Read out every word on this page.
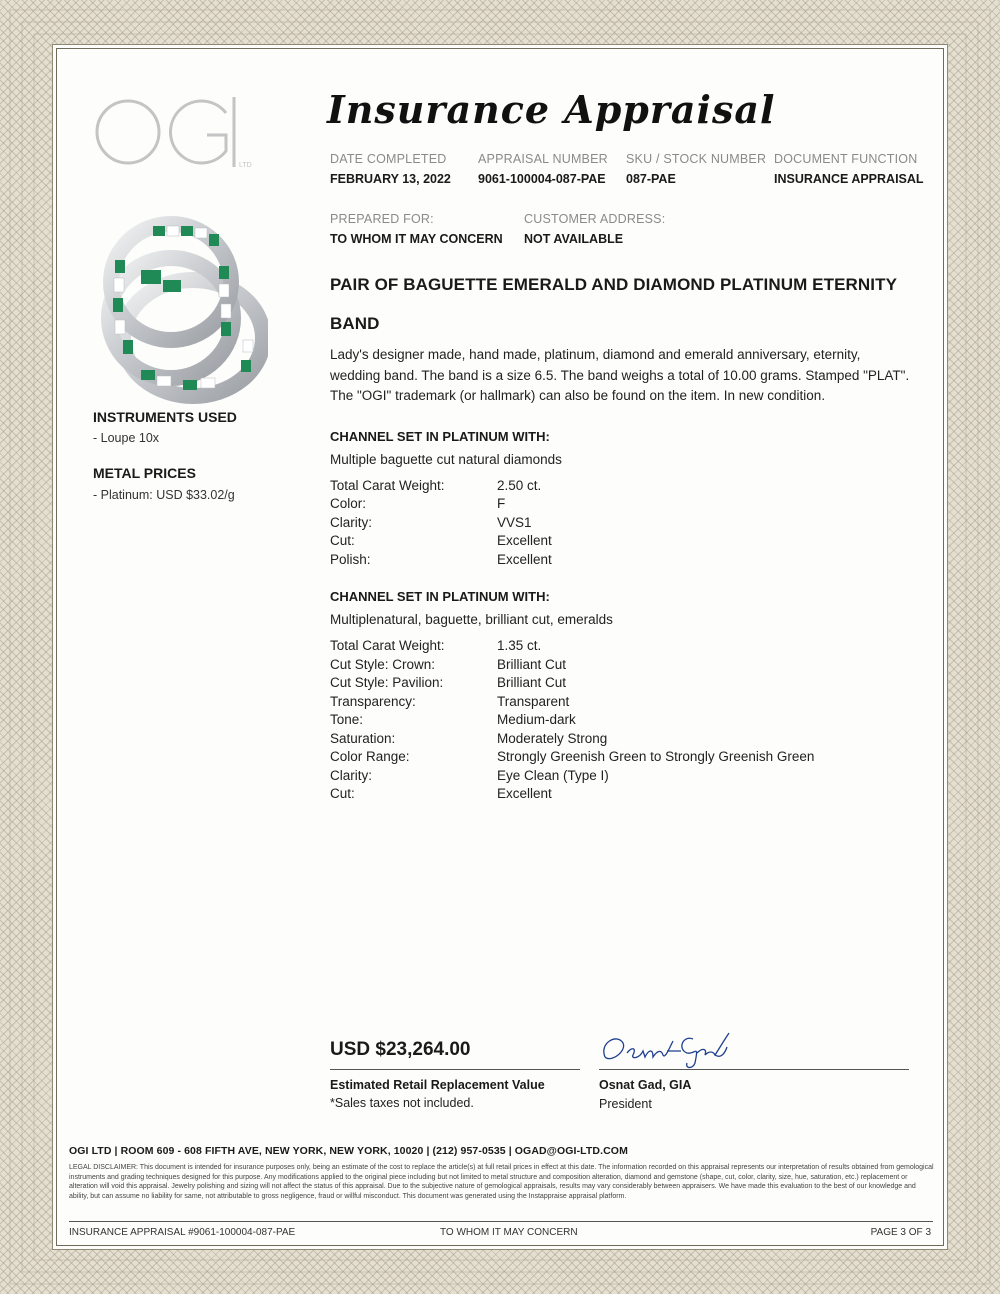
LTD
Insurance Appraisal
DATE COMPLETED
FEBRUARY 13, 2022
APPRAISAL NUMBER
9061-100004-087-PAE
SKU / STOCK NUMBER
087-PAE
DOCUMENT FUNCTION
INSURANCE APPRAISAL
PREPARED FOR:
TO WHOM IT MAY CONCERN
CUSTOMER ADDRESS:
NOT AVAILABLE
INSTRUMENTS USED
- Loupe 10x
METAL PRICES
- Platinum: USD $33.02/g
PAIR OF BAGUETTE EMERALD AND DIAMOND PLATINUM ETERNITY
BAND
Lady's designer made, hand made, platinum, diamond and emerald anniversary, eternity, wedding band. The band is a size 6.5. The band weighs a total of 10.00 grams. Stamped "PLAT". The "OGI" trademark (or hallmark) can also be found on the item. In new condition.
CHANNEL SET IN PLATINUM WITH:
Multiple baguette cut natural diamonds
Total Carat Weight:	2.50 ct.
Color:	F
Clarity:	VVS1
Cut:	Excellent
Polish:	Excellent
CHANNEL SET IN PLATINUM WITH:
Multiplenatural, baguette, brilliant cut, emeralds
Total Carat Weight:	1.35 ct.
Cut Style: Crown:	Brilliant Cut
Cut Style: Pavilion:	Brilliant Cut
Transparency:	Transparent
Tone:	Medium-dark
Saturation:	Moderately Strong
Color Range:	Strongly Greenish Green to Strongly Greenish Green
Clarity:	Eye Clean (Type I)
Cut:	Excellent
USD $23,264.00
Estimated Retail Replacement Value
*Sales taxes not included.
Osnat Gad, GIA
President
OGI LTD | ROOM 609 - 608 FIFTH AVE, NEW YORK, NEW YORK, 10020 | (212) 957-0535 | OGAD@OGI-LTD.COM
LEGAL DISCLAIMER: This document is intended for insurance purposes only, being an estimate of the cost to replace the article(s) at full retail prices in effect at this date. The information recorded on this appraisal represents our interpretation of results obtained from gemological instruments and grading techniques designed for this purpose. Any modifications applied to the original piece including but not limited to metal structure and composition alteration, diamond and gemstone (shape, cut, color, clarity, size, hue, saturation, etc.) replacement or alteration will void this appraisal. Jewelry polishing and sizing will not affect the status of this appraisal. Due to the subjective nature of gemological appraisals, results may vary considerably between appraisers. We have made this evaluation to the best of our knowledge and ability, but can assume no liability for same, not attributable to gross negligence, fraud or willful misconduct. This document was generated using the Instappraise appraisal platform.
INSURANCE APPRAISAL #9061-100004-087-PAE	TO WHOM IT MAY CONCERN	PAGE 3 OF 3
